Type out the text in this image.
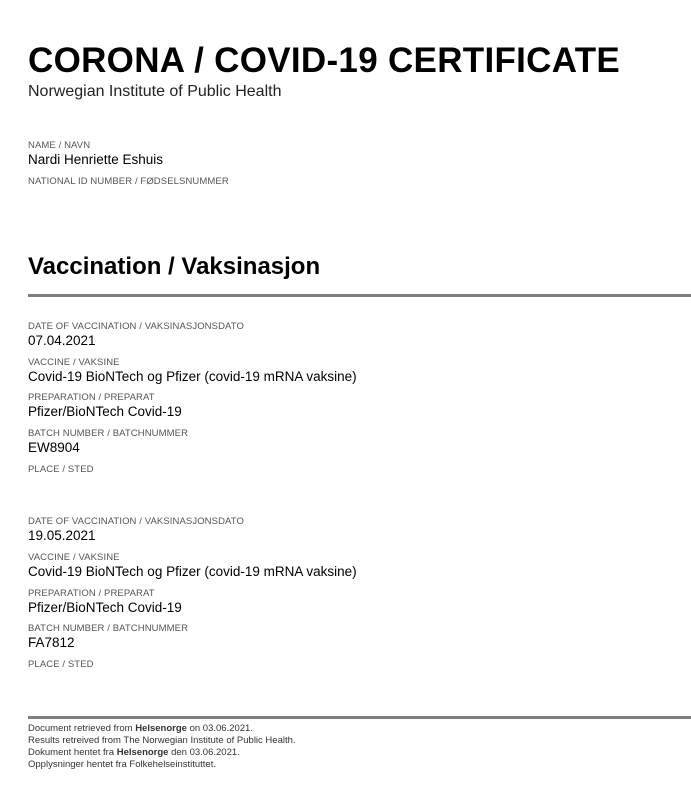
CORONA / COVID-19 CERTIFICATE
Norwegian Institute of Public Health
NAME / NAVN
Nardi Henriette Eshuis
NATIONAL ID NUMBER / FØDSELSNUMMER
Vaccination / Vaksinasjon
DATE OF VACCINATION / VAKSINASJONSDATO
07.04.2021
VACCINE / VAKSINE
Covid-19 BioNTech og Pfizer (covid-19 mRNA vaksine)
PREPARATION / PREPARAT
Pfizer/BioNTech Covid-19
BATCH NUMBER / BATCHNUMMER
EW8904
PLACE / STED
DATE OF VACCINATION / VAKSINASJONSDATO
19.05.2021
VACCINE / VAKSINE
Covid-19 BioNTech og Pfizer (covid-19 mRNA vaksine)
PREPARATION / PREPARAT
Pfizer/BioNTech Covid-19
BATCH NUMBER / BATCHNUMMER
FA7812
PLACE / STED
Document retrieved from Helsenorge on 03.06.2021.
Results retreived from The Norwegian Institute of Public Health.
Dokument hentet fra Helsenorge den 03.06.2021.
Opplysninger hentet fra Folkehelseinstituttet.
